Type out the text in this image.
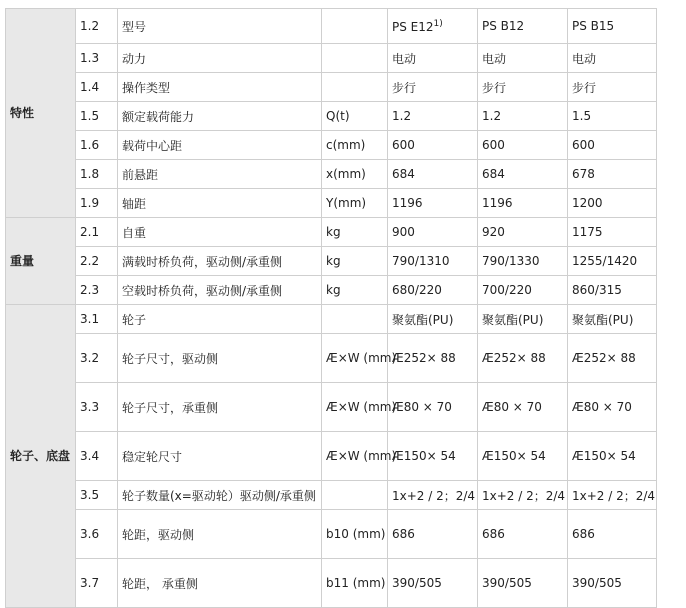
特性	1.2	型号		PS E12$^{1)}$	PS B12	PS B15
	1.3	动力		电动	电动	电动
	1.4	操作类型		步行	步行	步行
	1.5	额定载荷能力	Q(t)	1.2	1.2	1.5
	1.6	载荷中心距	c(mm)	600	600	600
	1.8	前悬距	x(mm)	684	684	678
	1.9	轴距	Y(mm)	1196	1196	1200
重量	2.1	自重	kg	900	920	1175
	2.2	满载时桥负荷，驱动侧/承重侧	kg	790/1310	790/1330	1255/1420
	2.3	空载时桥负荷，驱动侧/承重侧	kg	680/220	700/220	860/315
轮子、底盘	3.1	轮子		聚氨酯(PU)	聚氨酯(PU)	聚氨酯(PU)
	3.2	轮子尺寸，驱动侧	Æ×W (mm)	Æ252× 88	Æ252× 88	Æ252× 88
	3.3	轮子尺寸，承重侧	Æ×W (mm)	Æ80 × 70	Æ80 × 70	Æ80 × 70
	3.4	稳定轮尺寸	Æ×W (mm)	Æ150× 54	Æ150× 54	Æ150× 54
	3.5	轮子数量(x=驱动轮）驱动侧/承重侧		1x+2 / 2；2/4	1x+2 / 2；2/4	1x+2 / 2；2/4
	3.6	轮距，驱动侧	b10 (mm)	686	686	686
	3.7	轮距， 承重侧	b11 (mm)	390/505	390/505	390/505
